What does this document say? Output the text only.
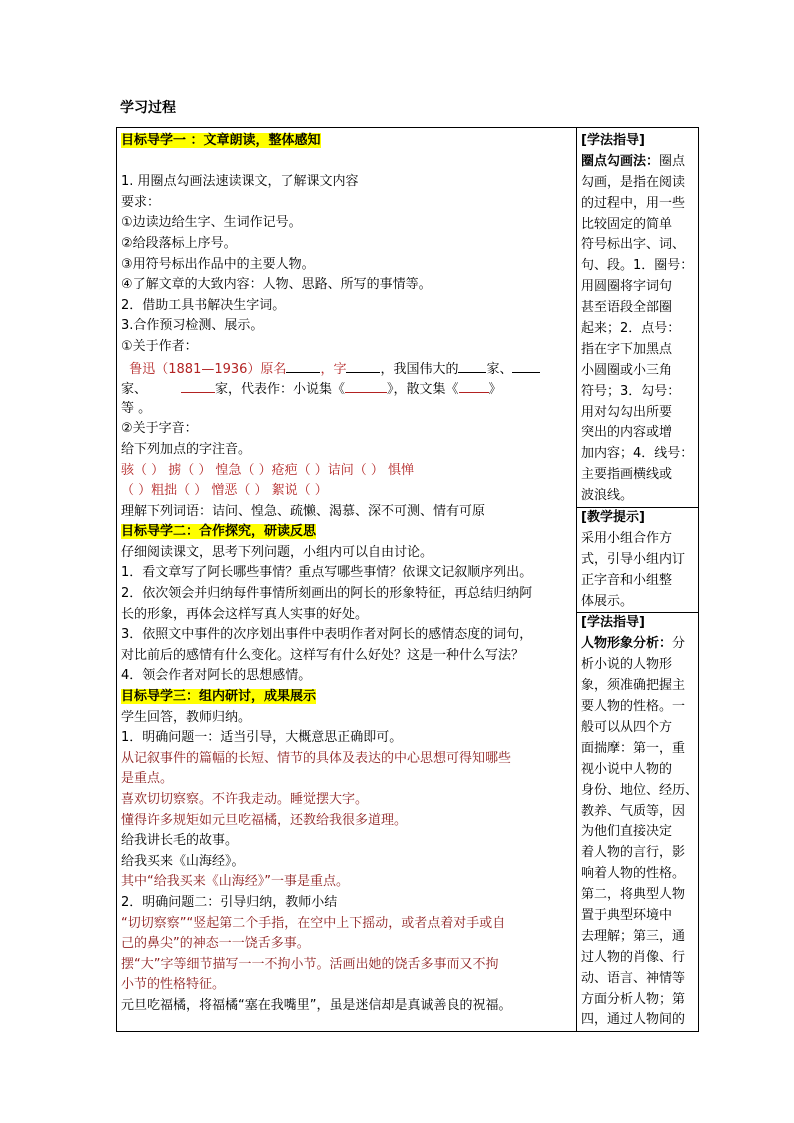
学习过程
目标导学一 ：文章朗读，整体感知
1. 用圈点勾画法速读课文，了解课文内容
要求：
①边读边给生字、生词作记号。
②给段落标上序号。
③用符号标出作品中的主要人物。
④了解文章的大致内容：人物、思路、所写的事情等。
2．借助工具书解决生字词。
3.合作预习检测、展示。
①关于作者：
鲁迅（1881—1936）原名	，字	，我国伟大的 家、
家、	家，代表作：小说集《	》，散文集《 》
等 。
②关于字音：
给下列加点的字注音。
骇（ ） 掳（ ） 惶急（ ）疮疤（ ）诘问（ ） 惧惮
（ ）粗拙（ ） 憎恶（ ） 絮说（ ）
理解下列词语：诘问、惶急、疏懒、渴慕、深不可测、情有可原
目标导学二：合作探究，研读反思
仔细阅读课文，思考下列问题，小组内可以自由讨论。
1．看文章写了阿长哪些事情？重点写哪些事情？依课文记叙顺序列出。
2．依次领会并归纳每件事情所刻画出的阿长的形象特征，再总结归纳阿
长的形象，再体会这样写真人实事的好处。
3．依照文中事件的次序划出事件中表明作者对阿长的感情态度的词句，
对比前后的感情有什么变化。这样写有什么好处？这是一种什么写法？
4．领会作者对阿长的思想感情。
目标导学三：组内研讨，成果展示
学生回答，教师归纳。
1．明确问题一：适当引导，大概意思正确即可。
从记叙事件的篇幅的长短、情节的具体及表达的中心思想可得知哪些
是重点。
喜欢切切察察。不许我走动。睡觉摆大字。
懂得许多规矩如元旦吃福橘，还教给我很多道理。
给我讲长毛的故事。
给我买来《山海经》。
其中“给我买来《山海经》”一事是重点。
2．明确问题二：引导归纳，教师小结
“切切察察”“竖起第二个手指，在空中上下摇动，或者点着对手或自
己的鼻尖”的神态一一饶舌多事。
摆“大”字等细节描写一一不拘小节。活画出她的饶舌多事而又不拘
小节的性格特征。
元旦吃福橘，将福橘“塞在我嘴里”，虽是迷信却是真诚善良的祝福。

[学法指导]
圈点勾画法：圈点
勾画，是指在阅读
的过程中，用一些
比较固定的简单
符号标出字、词、
句、段。1．圈号：
用圆圈将字词句
甚至语段全部圈
起来；2．点号：
指在字下加黑点
小圆圈或小三角
符号；3．勾号：
用对勾勾出所要
突出的内容或增
加内容；4．线号：
主要指画横线或
波浪线。
[教学提示]
采用小组合作方
式，引导小组内订
正字音和小组整
体展示。
[学法指导]
人物形象分析：分
析小说的人物形
象，须准确把握主
要人物的性格。一
般可以从四个方
面揣摩：第一，重
视小说中人物的
身份、地位、经历、
教养、气质等，因
为他们直接决定
着人物的言行，影
响着人物的性格。
第二，将典型人物
置于典型环境中
去理解；第三，通
过人物的肖像、行
动、语言、神情等
方面分析人物；第
四，通过人物间的
